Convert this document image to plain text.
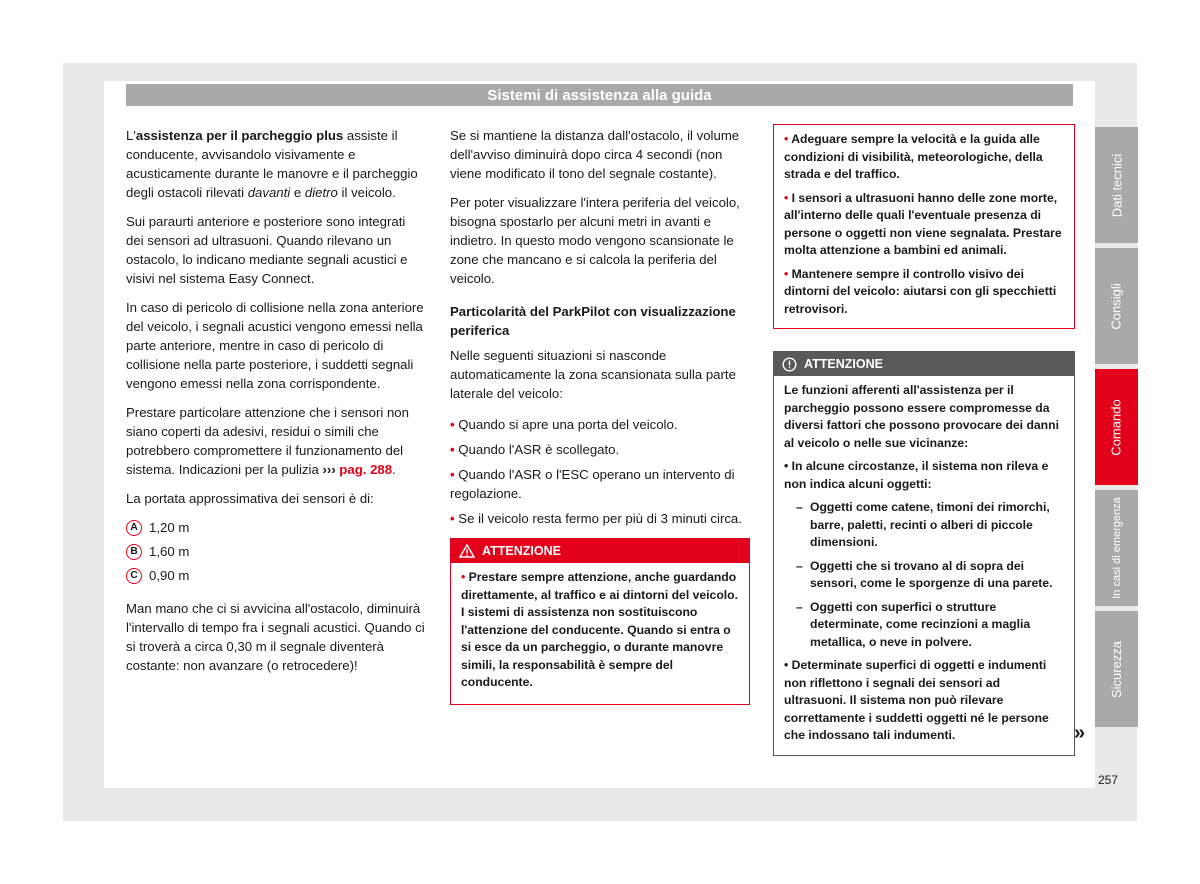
Sistemi di assistenza alla guida

L'assistenza per il parcheggio plus assiste il conducente, avvisandolo visivamente e acusticamente durante le manovre e il parcheggio degli ostacoli rilevati davanti e dietro il veicolo.

Sui paraurti anteriore e posteriore sono integrati dei sensori ad ultrasuoni. Quando rilevano un ostacolo, lo indicano mediante segnali acustici e visivi nel sistema Easy Connect.

In caso di pericolo di collisione nella zona anteriore del veicolo, i segnali acustici vengono emessi nella parte anteriore, mentre in caso di pericolo di collisione nella parte posteriore, i suddetti segnali vengono emessi nella zona corrispondente.

Prestare particolare attenzione che i sensori non siano coperti da adesivi, residui o simili che potrebbero compromettere il funzionamento del sistema. Indicazioni per la pulizia ››› pag. 288.

La portata approssimativa dei sensori è di:

A 1,20 m
B 1,60 m
C 0,90 m

Man mano che ci si avvicina all'ostacolo, diminuirà l'intervallo di tempo fra i segnali acustici. Quando ci si troverà a circa 0,30 m il segnale diventerà costante: non avanzare (o retrocedere)!

Se si mantiene la distanza dall'ostacolo, il volume dell'avviso diminuirà dopo circa 4 secondi (non viene modificato il tono del segnale costante).

Per poter visualizzare l'intera periferia del veicolo, bisogna spostarlo per alcuni metri in avanti e indietro. In questo modo vengono scansionate le zone che mancano e si calcola la periferia del veicolo.

Particolarità del ParkPilot con visualizzazione periferica

Nelle seguenti situazioni si nasconde automaticamente la zona scansionata sulla parte laterale del veicolo:

• Quando si apre una porta del veicolo.

• Quando l'ASR è scollegato.

• Quando l'ASR o l'ESC operano un intervento di regolazione.

• Se il veicolo resta fermo per più di 3 minuti circa.

ATTENZIONE

• Prestare sempre attenzione, anche guardando direttamente, al traffico e ai dintorni del veicolo. I sistemi di assistenza non sostituiscono l'attenzione del conducente. Quando si entra o si esce da un parcheggio, o durante manovre simili, la responsabilità è sempre del conducente.

• Adeguare sempre la velocità e la guida alle condizioni di visibilità, meteorologiche, della strada e del traffico.

• I sensori a ultrasuoni hanno delle zone morte, all'interno delle quali l'eventuale presenza di persone o oggetti non viene segnalata. Prestare molta attenzione a bambini ed animali.

• Mantenere sempre il controllo visivo dei dintorni del veicolo: aiutarsi con gli specchietti retrovisori.

ATTENZIONE

Le funzioni afferenti all'assistenza per il parcheggio possono essere compromesse da diversi fattori che possono provocare dei danni al veicolo o nelle sue vicinanze:

• In alcune circostanze, il sistema non rileva e non indica alcuni oggetti:

– Oggetti come catene, timoni dei rimorchi, barre, paletti, recinti o alberi di piccole dimensioni.
– Oggetti che si trovano al di sopra dei sensori, come le sporgenze di una parete.
– Oggetti con superfici o strutture determinate, come recinzioni a maglia metallica, o neve in polvere.

• Determinate superfici di oggetti e indumenti non riflettono i segnali dei sensori ad ultrasuoni. Il sistema non può rilevare correttamente i suddetti oggetti né le persone che indossano tali indumenti.	»
Dati tecnici
Consigli
Comando
In casi di emergenza
Sicurezza
257
